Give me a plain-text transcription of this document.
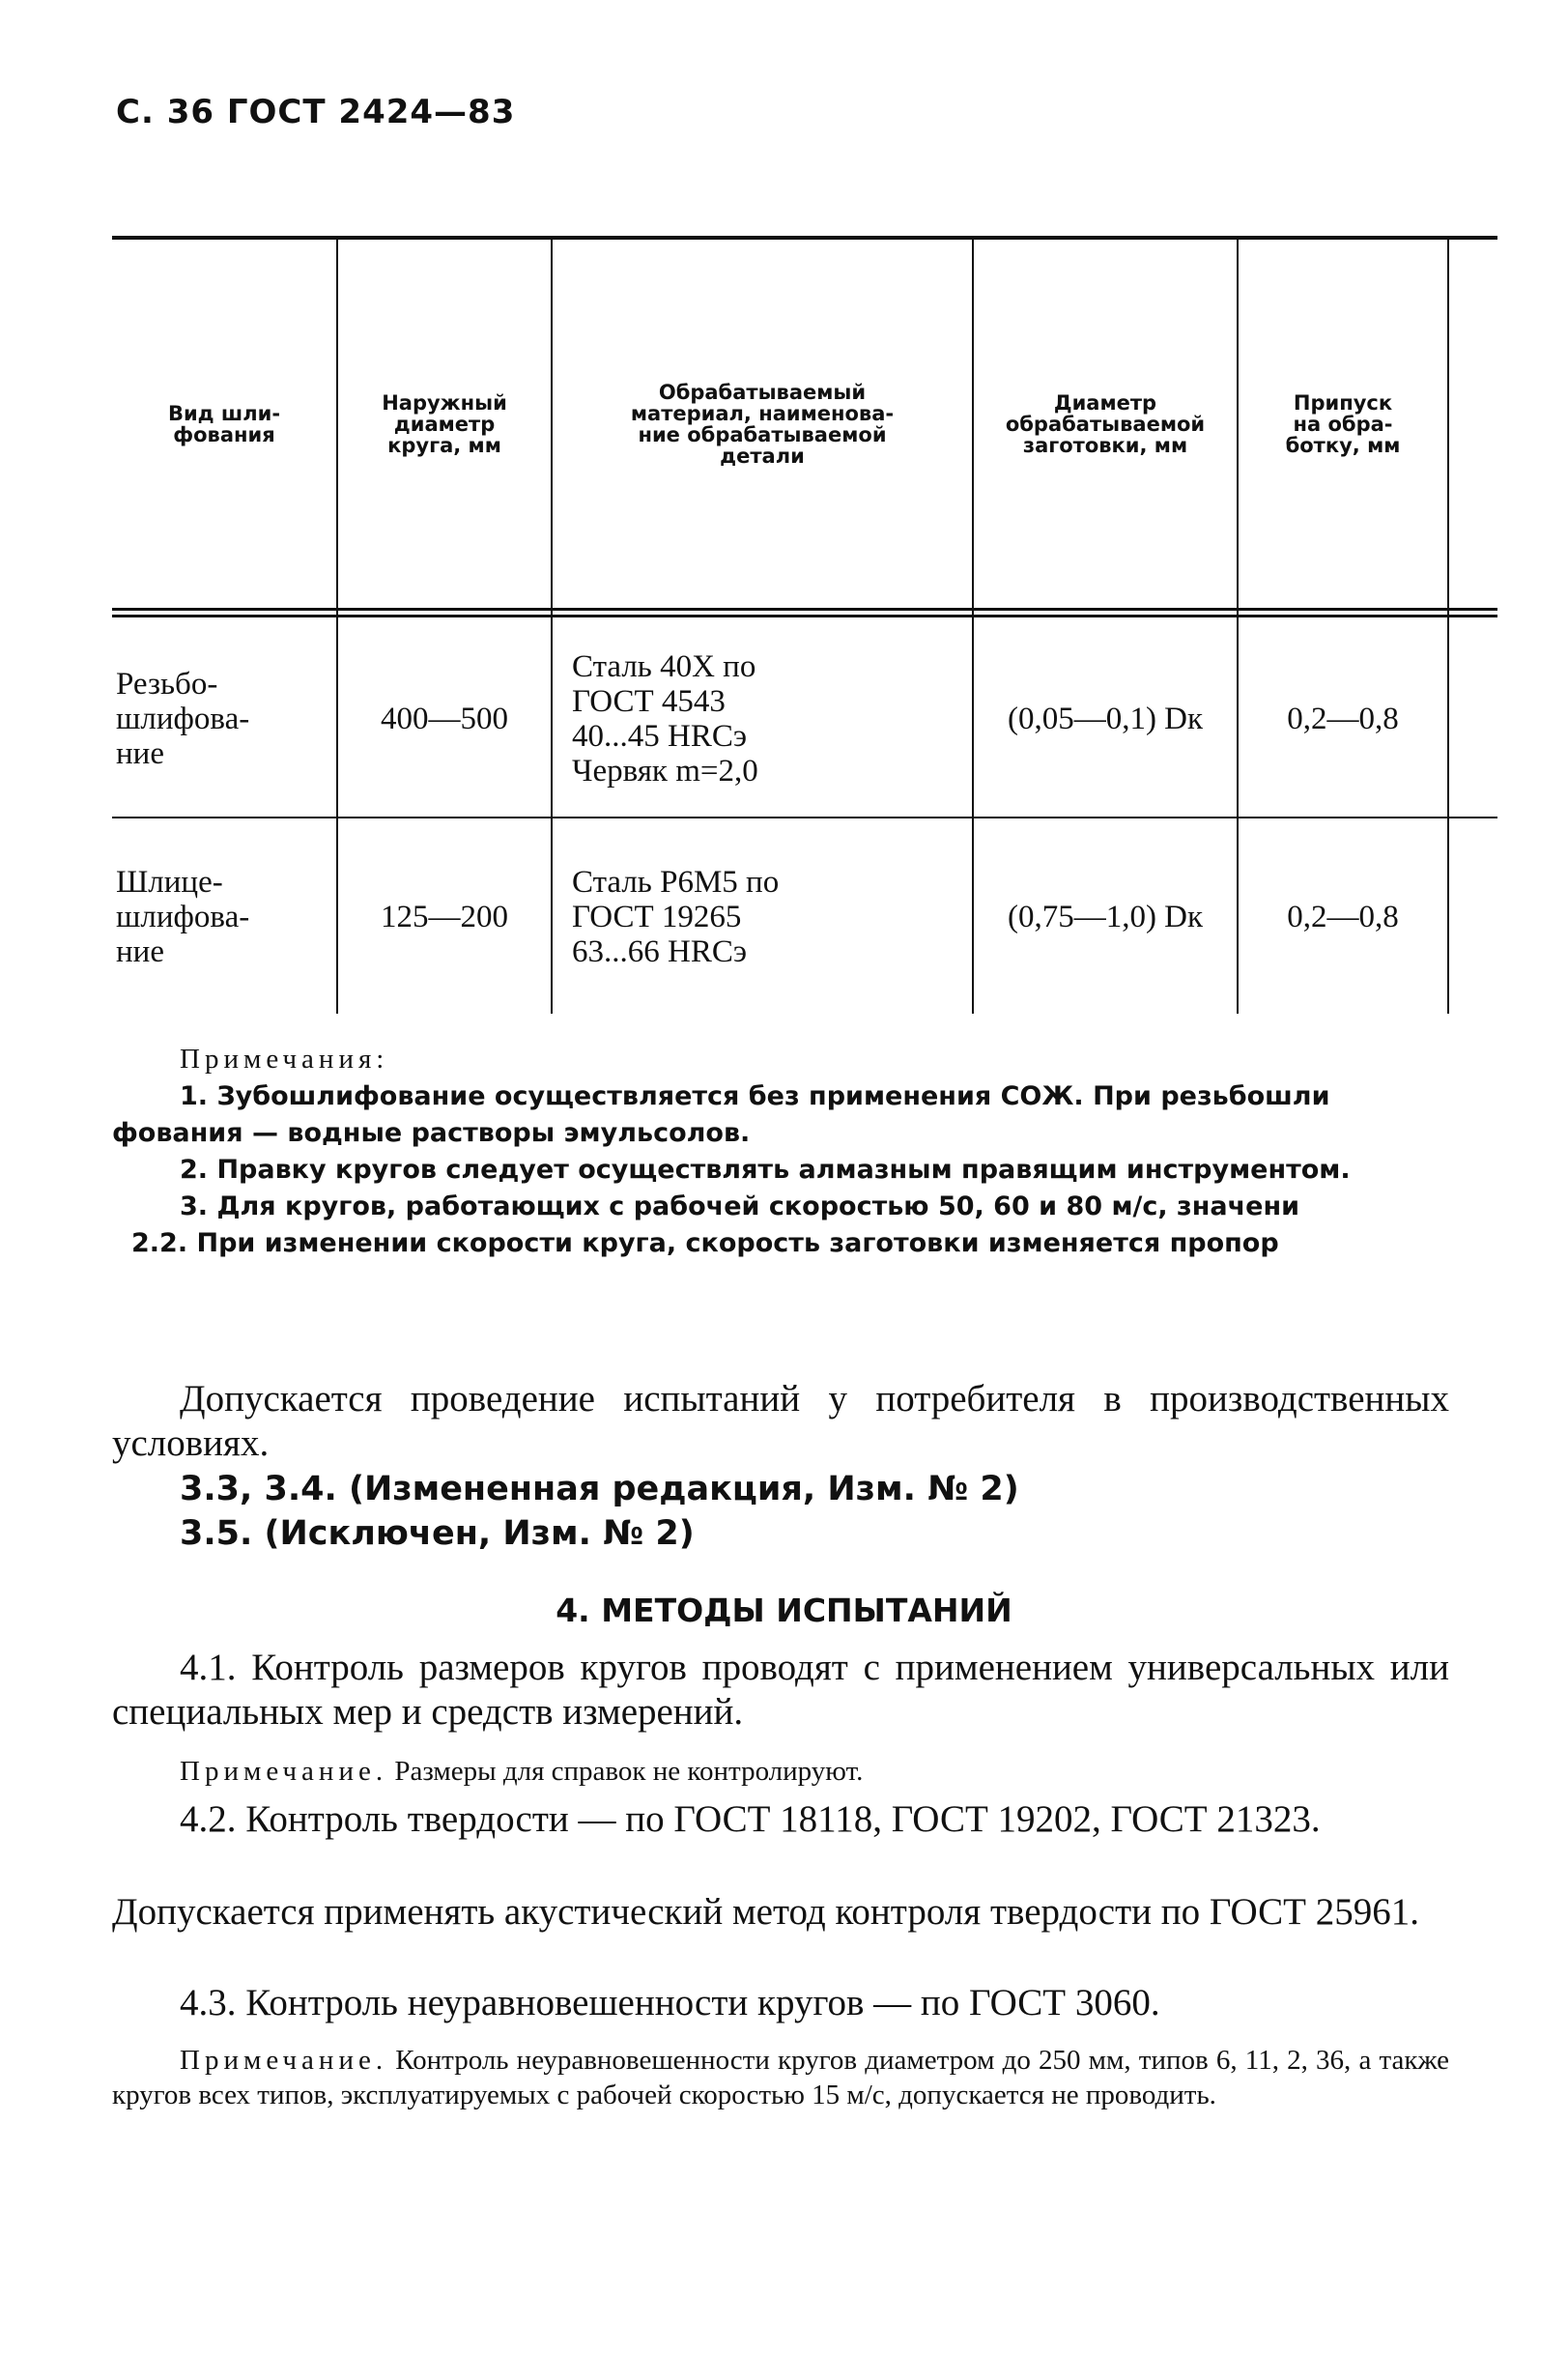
С. 36 ГОСТ 2424—83
Вид шли-
фования
Наружный
диаметр
круга, мм
Обрабатываемый
материал, наименова-
ние обрабатываемой
детали
Диаметр
обрабатываемой
заготовки, мм
Припуск
на обра-
ботку, мм
Резьбо-
шлифова-
ние
400—500
Сталь 40Х по
ГОСТ 4543
40...45 HRCэ
Червяк m=2,0
(0,05—0,1) Dк	0,2—0,8
Шлице-
шлифова-
ние
125—200
Сталь Р6М5 по
ГОСТ 19265
63...66 HRCэ
(0,75—1,0) Dк	0,2—0,8
Примечания:
1. Зубошлифование осуществляется без применения СОЖ. При резьбошли
фования — водные растворы эмульсолов.
2. Правку кругов следует осуществлять алмазным правящим инструментом.
3. Для кругов, работающих с рабочей скоростью 50, 60 и 80 м/с, значени
2.2. При изменении скорости круга, скорость заготовки изменяется пропор
Допускается проведение испытаний у потребителя в производственных условиях.
3.3, 3.4. (Измененная редакция, Изм. № 2)
3.5. (Исключен, Изм. № 2)
4. МЕТОДЫ ИСПЫТАНИЙ
4.1. Контроль размеров кругов проводят с применением универсальных или специальных мер и средств измерений.
Примечание. Размеры для справок не контролируют.
4.2. Контроль твердости — по ГОСТ 18118, ГОСТ 19202, ГОСТ 21323.
Допускается применять акустический метод контроля твердости по ГОСТ 25961.
4.3. Контроль неуравновешенности кругов — по ГОСТ 3060.
Примечание. Контроль неуравновешенности кругов диаметром до 250 мм, типов 6, 11, 2, 36, а также кругов всех типов, эксплуатируемых с рабочей скоростью 15 м/с, допускается не проводить.
